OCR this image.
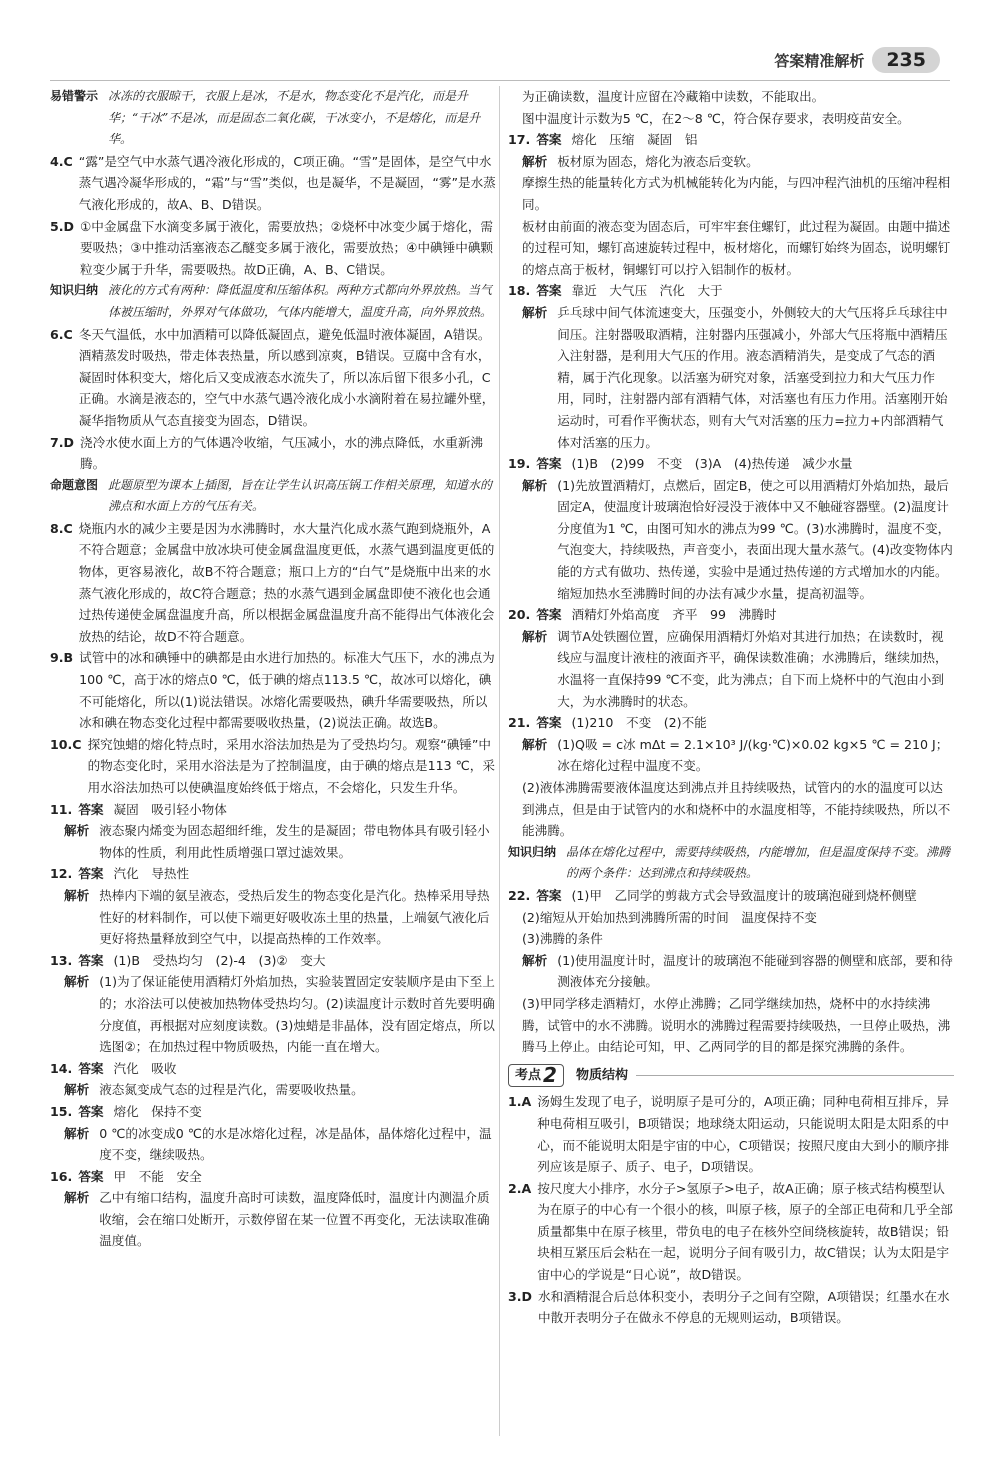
答案精准解析	235
易错警示 冰冻的衣服晾干，衣服上是冰，不是水，物态变化不是汽化，而是升华；“干冰”不是冰，而是固态二氧化碳，干冰变小，不是熔化，而是升华。
4.C “露”是空气中水蒸气遇冷液化形成的，C项正确。“雪”是固体，是空气中水蒸气遇冷凝华形成的，“霜”与“雪”类似，也是凝华，不是凝固，“雾”是水蒸气液化形成的，故A、B、D错误。
5.D ①中金属盘下水滴变多属于液化，需要放热；②烧杯中冰变少属于熔化，需要吸热；③中推动活塞液态乙醚变多属于液化，需要放热；④中碘锤中碘颗粒变少属于升华，需要吸热。故D正确，A、B、C错误。
知识归纳 液化的方式有两种：降低温度和压缩体积。两种方式都向外界放热。当气体被压缩时，外界对气体做功，气体内能增大，温度升高，向外界放热。
6.C 冬天气温低，水中加酒精可以降低凝固点，避免低温时液体凝固，A错误。酒精蒸发时吸热，带走体表热量，所以感到凉爽，B错误。豆腐中含有水，凝固时体积变大，熔化后又变成液态水流失了，所以冻后留下很多小孔，C正确。水滴是液态的，空气中水蒸气遇冷液化成小水滴附着在易拉罐外壁，凝华指物质从气态直接变为固态，D错误。
7.D 浇冷水使水面上方的气体遇冷收缩，气压减小，水的沸点降低，水重新沸腾。
命题意图 此题原型为课本上插图，旨在让学生认识高压锅工作相关原理，知道水的沸点和水面上方的气压有关。
8.C 烧瓶内水的减少主要是因为水沸腾时，水大量汽化成水蒸气跑到烧瓶外，A不符合题意；金属盘中放冰块可使金属盘温度更低，水蒸气遇到温度更低的物体，更容易液化，故B不符合题意；瓶口上方的“白气”是烧瓶中出来的水蒸气液化形成的，故C符合题意；热的水蒸气遇到金属盘即使不液化也会通过热传递使金属盘温度升高，所以根据金属盘温度升高不能得出气体液化会放热的结论，故D不符合题意。
9.B 试管中的冰和碘锤中的碘都是由水进行加热的。标准大气压下，水的沸点为100 ℃，高于冰的熔点0 ℃，低于碘的熔点113.5 ℃，故冰可以熔化，碘不可能熔化，所以(1)说法错误。冰熔化需要吸热，碘升华需要吸热，所以冰和碘在物态变化过程中都需要吸收热量，(2)说法正确。故选B。
10.C 探究蚀蜡的熔化特点时，采用水浴法加热是为了受热均匀。观察“碘锤”中的物态变化时，采用水浴法是为了控制温度，由于碘的熔点是113 ℃，采用水浴法加热可以使碘温度始终低于熔点，不会熔化，只发生升华。
11. 答案 凝固　吸引轻小物体
解析 液态聚内烯变为固态超细纤维，发生的是凝固；带电物体具有吸引轻小物体的性质，利用此性质增强口罩过滤效果。
12. 答案 汽化　导热性
解析 热棒内下端的氨呈液态，受热后发生的物态变化是汽化。热棒采用导热性好的材料制作，可以使下端更好吸收冻土里的热量，上端氨气液化后更好将热量释放到空气中，以提高热棒的工作效率。
13. 答案 (1)B　受热均匀　(2)-4　(3)②　变大
解析 (1)为了保证能使用酒精灯外焰加热，实验装置固定安装顺序是由下至上的；水浴法可以使被加热物体受热均匀。(2)读温度计示数时首先要明确分度值，再根据对应刻度读数。(3)烛蜡是非晶体，没有固定熔点，所以选图②；在加热过程中物质吸热，内能一直在增大。
14. 答案 汽化　吸收
解析 液态氮变成气态的过程是汽化，需要吸收热量。
15. 答案 熔化　保持不变
解析 0 ℃的冰变成0 ℃的水是冰熔化过程，冰是晶体，晶体熔化过程中，温度不变，继续吸热。
16. 答案 甲　不能　安全
解析 乙中有缩口结构，温度升高时可读数，温度降低时，温度计内测温介质收缩，会在缩口处断开，示数停留在某一位置不再变化，无法读取准确温度值。
为正确读数，温度计应留在冷藏箱中读数，不能取出。
图中温度计示数为5 ℃，在2～8 ℃，符合保存要求，表明疫苗安全。
17. 答案 熔化　压缩　凝固　铝
解析 板材原为固态，熔化为液态后变软。
摩擦生热的能量转化方式为机械能转化为内能，与四冲程汽油机的压缩冲程相同。
板材由前面的液态变为固态后，可牢牢套住螺钉，此过程为凝固。由题中描述的过程可知，螺钉高速旋转过程中，板材熔化，而螺钉始终为固态，说明螺钉的熔点高于板材，铜螺钉可以拧入铝制作的板材。
18. 答案 靠近　大气压　汽化　大于
解析 乒乓球中间气体流速变大，压强变小，外侧较大的大气压将乒乓球往中间压。注射器吸取酒精，注射器内压强减小，外部大气压将瓶中酒精压入注射器，是利用大气压的作用。液态酒精消失，是变成了气态的酒精，属于汽化现象。以活塞为研究对象，活塞受到拉力和大气压力作用，同时，注射器内部有酒精气体，对活塞也有压力作用。活塞刚开始运动时，可看作平衡状态，则有大气对活塞的压力=拉力+内部酒精气体对活塞的压力。
19. 答案 (1)B　(2)99　不变　(3)A　(4)热传递　减少水量
解析 (1)先放置酒精灯，点燃后，固定B，使之可以用酒精灯外焰加热，最后固定A，使温度计玻璃泡恰好浸没于液体中又不触碰容器壁。(2)温度计分度值为1 ℃，由图可知水的沸点为99 ℃。(3)水沸腾时，温度不变，气泡变大，持续吸热，声音变小，表面出现大量水蒸气。(4)改变物体内能的方式有做功、热传递，实验中是通过热传递的方式增加水的内能。缩短加热水至沸腾时间的办法有减少水量，提高初温等。
20. 答案 酒精灯外焰高度　齐平　99　沸腾时
解析 调节A处铁圈位置，应确保用酒精灯外焰对其进行加热；在读数时，视线应与温度计液柱的液面齐平，确保读数准确；水沸腾后，继续加热，水温将一直保持99 ℃不变，此为沸点；自下而上烧杯中的气泡由小到大，为水沸腾时的状态。
21. 答案 (1)210　不变　(2)不能
解析 (1)Q吸 = c冰 mΔt = 2.1×10³ J/(kg·℃)×0.02 kg×5 ℃ = 210 J；冰在熔化过程中温度不变。
(2)液体沸腾需要液体温度达到沸点并且持续吸热，试管内的水的温度可以达到沸点，但是由于试管内的水和烧杯中的水温度相等，不能持续吸热，所以不能沸腾。
知识归纳 晶体在熔化过程中，需要持续吸热，内能增加，但是温度保持不变。沸腾的两个条件：达到沸点和持续吸热。
22. 答案 (1)甲　乙同学的剪裁方式会导致温度计的玻璃泡碰到烧杯侧壁
(2)缩短从开始加热到沸腾所需的时间　温度保持不变
(3)沸腾的条件
解析 (1)使用温度计时，温度计的玻璃泡不能碰到容器的侧壁和底部，要和待测液体充分接触。
(3)甲同学移走酒精灯，水停止沸腾；乙同学继续加热，烧杯中的水持续沸腾，试管中的水不沸腾。说明水的沸腾过程需要持续吸热，一旦停止吸热，沸腾马上停止。由结论可知，甲、乙两同学的目的都是探究沸腾的条件。
考点 2 物质结构
1.A 汤姆生发现了电子，说明原子是可分的，A项正确；同种电荷相互排斥，异种电荷相互吸引，B项错误；地球绕太阳运动，只能说明太阳是太阳系的中心，而不能说明太阳是宇宙的中心，C项错误；按照尺度由大到小的顺序排列应该是原子、质子、电子，D项错误。
2.A 按尺度大小排序，水分子>氢原子>电子，故A正确；原子核式结构模型认为在原子的中心有一个很小的核，叫原子核，原子的全部正电荷和几乎全部质量都集中在原子核里，带负电的电子在核外空间绕核旋转，故B错误；铅块相互紧压后会粘在一起，说明分子间有吸引力，故C错误；认为太阳是宇宙中心的学说是“日心说”，故D错误。
3.D 水和酒精混合后总体积变小，表明分子之间有空隙，A项错误；红墨水在水中散开表明分子在做永不停息的无规则运动，B项错误。
